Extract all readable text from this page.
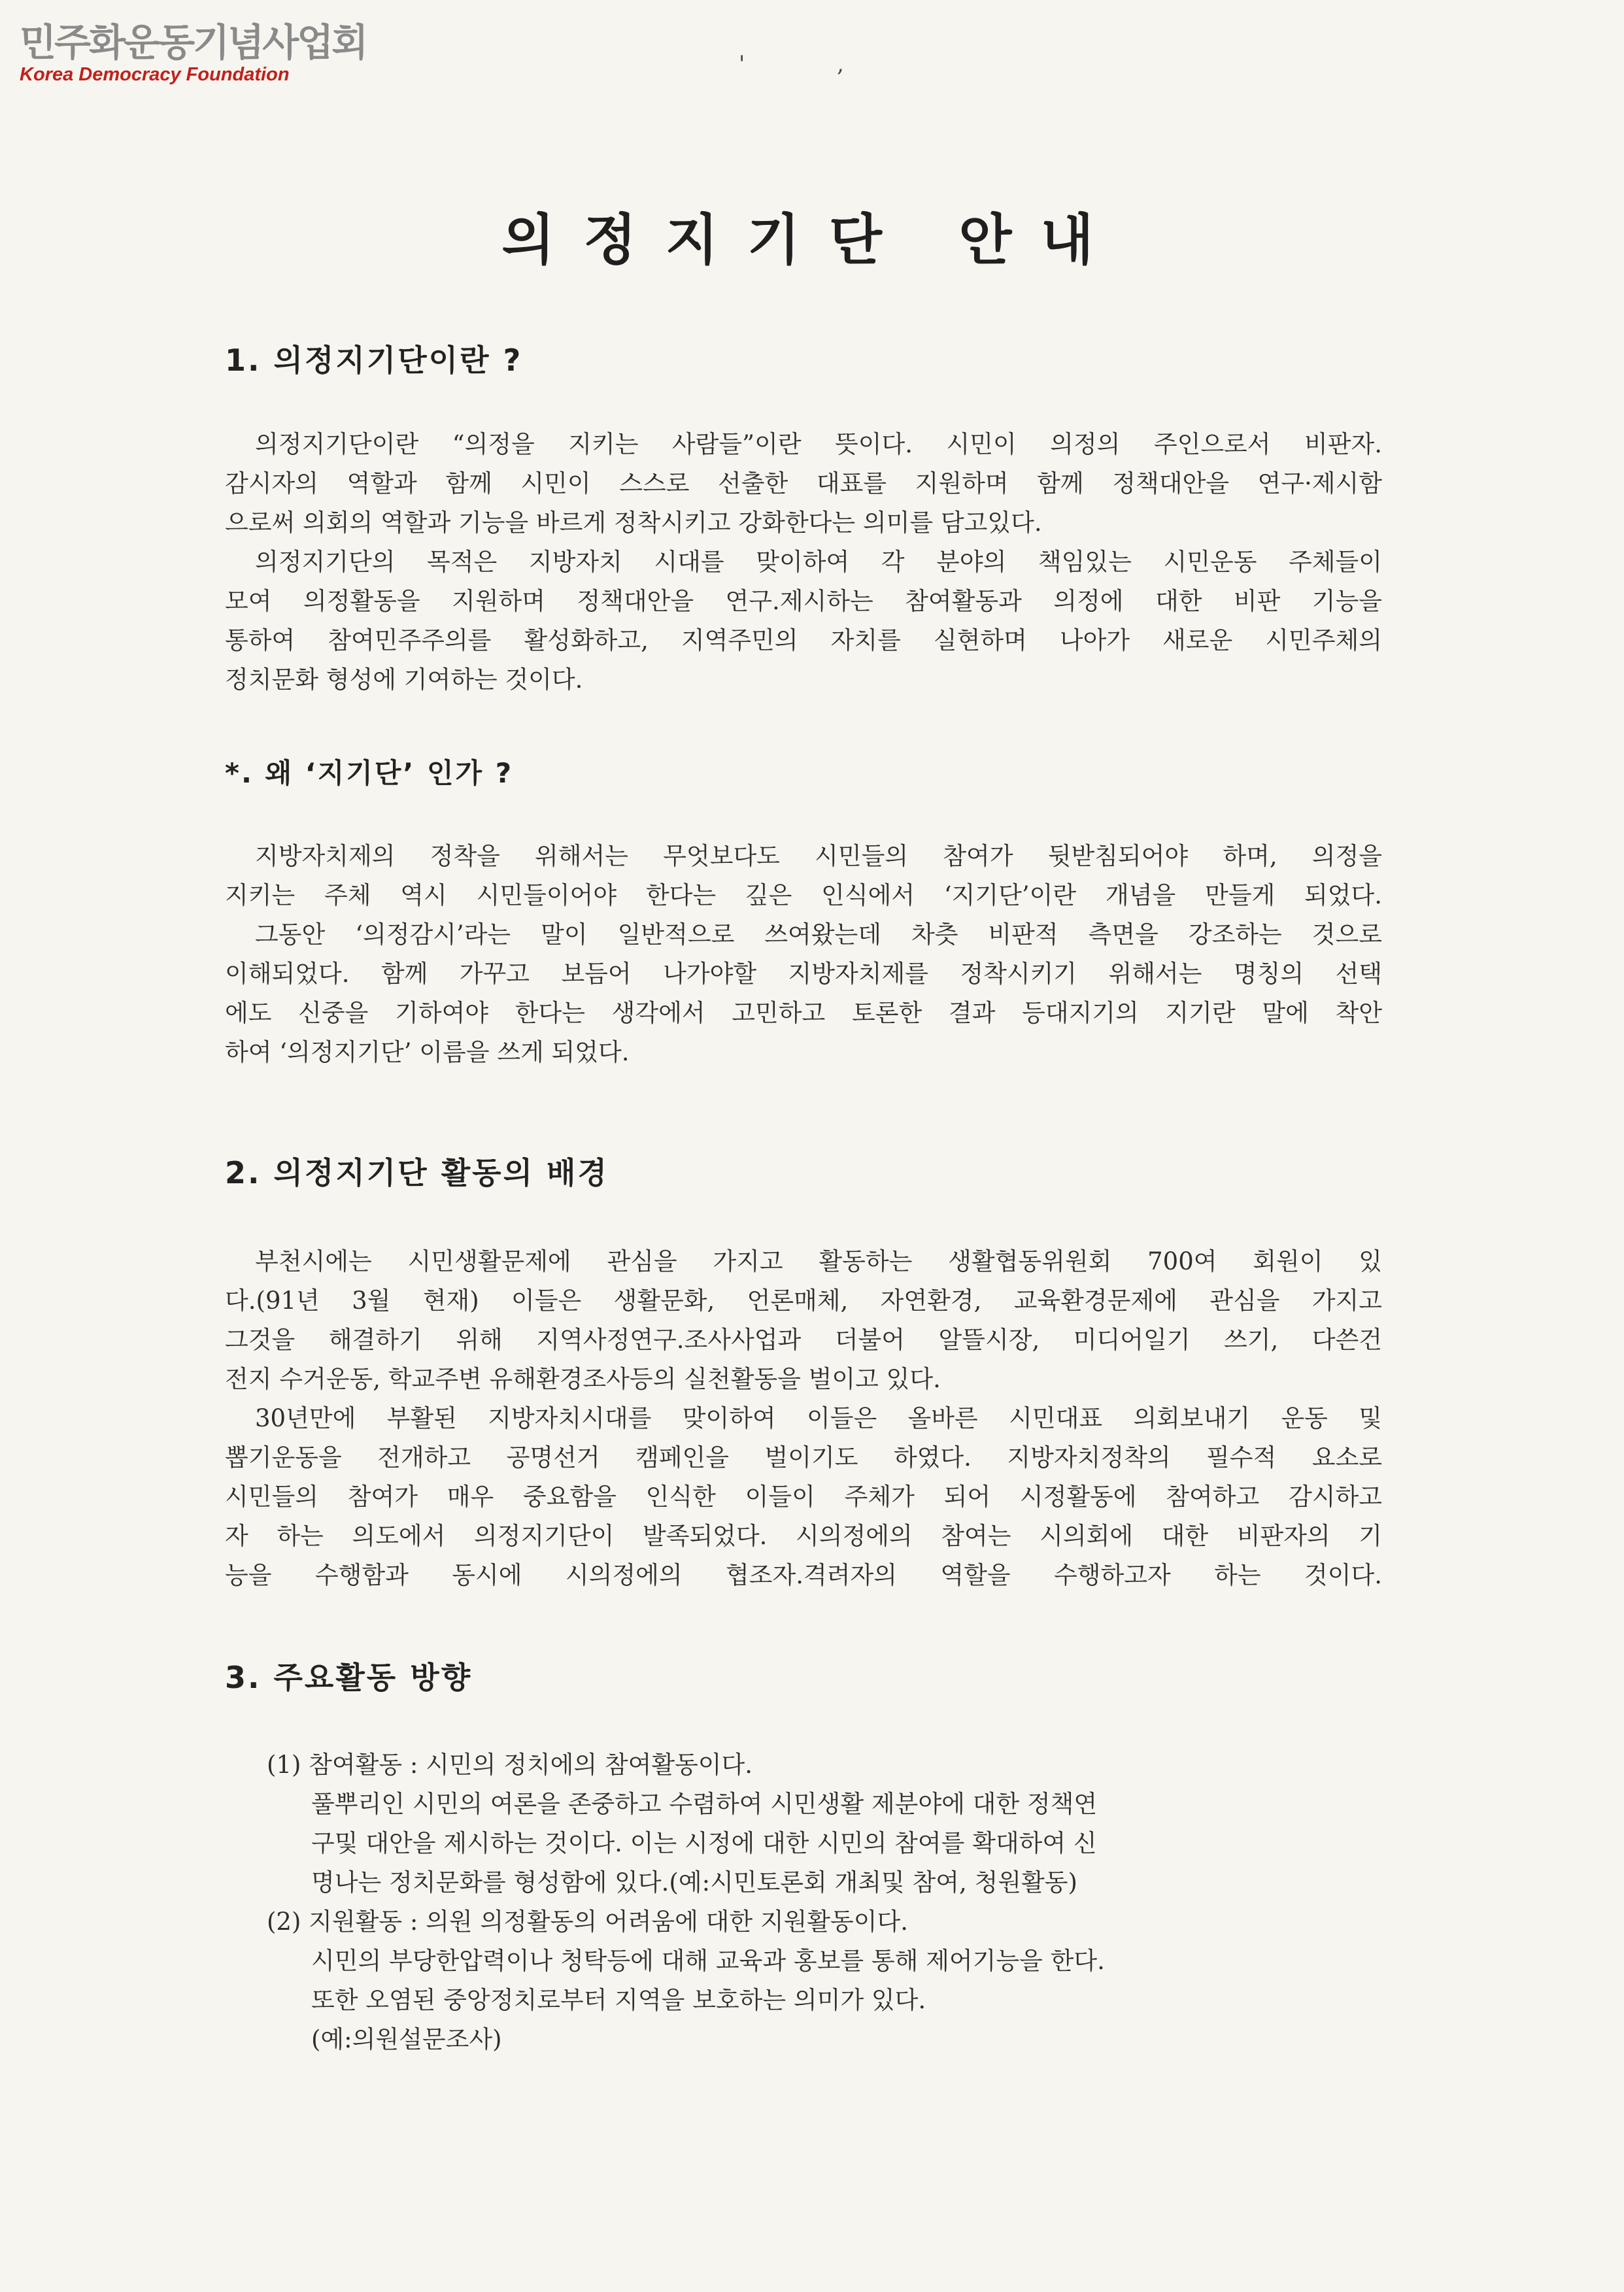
민주화운동기념사업회
Korea Democracy Foundation	'	,
의정지기단 안내
1. 의정지기단이란 ?

의정지기단이란 “의정을 지키는 사람들”이란 뜻이다. 시민이 의정의 주인으로서 비판자.

감시자의 역할과 함께 시민이 스스로 선출한 대표를 지원하며 함께 정책대안을 연구·제시함

으로써 의회의 역할과 기능을 바르게 정착시키고 강화한다는 의미를 담고있다.

의정지기단의 목적은 지방자치 시대를 맞이하여 각 분야의 책임있는 시민운동 주체들이

모여 의정활동을 지원하며 정책대안을 연구.제시하는 참여활동과 의정에 대한 비판 기능을

통하여 참여민주주의를 활성화하고, 지역주민의 자치를 실현하며 나아가 새로운 시민주체의

정치문화 형성에 기여하는 것이다.

*. 왜 ‘지기단’ 인가 ?

지방자치제의 정착을 위해서는 무엇보다도 시민들의 참여가 뒷받침되어야 하며, 의정을

지키는 주체 역시 시민들이어야 한다는 깊은 인식에서 ‘지기단’이란 개념을 만들게 되었다.

그동안 ‘의정감시’라는 말이 일반적으로 쓰여왔는데 차츳 비판적 측면을 강조하는 것으로

이해되었다. 함께 가꾸고 보듬어 나가야할 지방자치제를 정착시키기 위해서는 명칭의 선택

에도 신중을 기하여야 한다는 생각에서 고민하고 토론한 결과 등대지기의 지기란 말에 착안

하여 ‘의정지기단’ 이름을 쓰게 되었다.

2. 의정지기단 활동의 배경

부천시에는 시민생활문제에 관심을 가지고 활동하는 생활협동위원회 700여 회원이 있

다.(91년 3월 현재) 이들은 생활문화, 언론매체, 자연환경, 교육환경문제에 관심을 가지고

그것을 해결하기 위해 지역사정연구.조사사업과 더불어 알뜰시장, 미디어일기 쓰기, 다쓴건

전지 수거운동, 학교주변 유해환경조사등의 실천활동을 벌이고 있다.

30년만에 부활된 지방자치시대를 맞이하여 이들은 올바른 시민대표 의회보내기 운동 및

뽑기운동을 전개하고 공명선거 캠페인을 벌이기도 하였다. 지방자치정착의 필수적 요소로

시민들의 참여가 매우 중요함을 인식한 이들이 주체가 되어 시정활동에 참여하고 감시하고

자 하는 의도에서 의정지기단이 발족되었다. 시의정에의 참여는 시의회에 대한 비판자의 기

능을 수행함과 동시에 시의정에의 협조자.격려자의 역할을 수행하고자 하는 것이다.

3. 주요활동 방향

(1) 참여활동 : 시민의 정치에의 참여활동이다.

풀뿌리인 시민의 여론을 존중하고 수렴하여 시민생활 제분야에 대한 정책연

구및 대안을 제시하는 것이다. 이는 시정에 대한 시민의 참여를 확대하여 신

명나는 정치문화를 형성함에 있다.(예:시민토론회 개최및 참여, 청원활동)

(2) 지원활동 : 의원 의정활동의 어려움에 대한 지원활동이다.

시민의 부당한압력이나 청탁등에 대해 교육과 홍보를 통해 제어기능을 한다.

또한 오염된 중앙정치로부터 지역을 보호하는 의미가 있다.

(예:의원설문조사)
